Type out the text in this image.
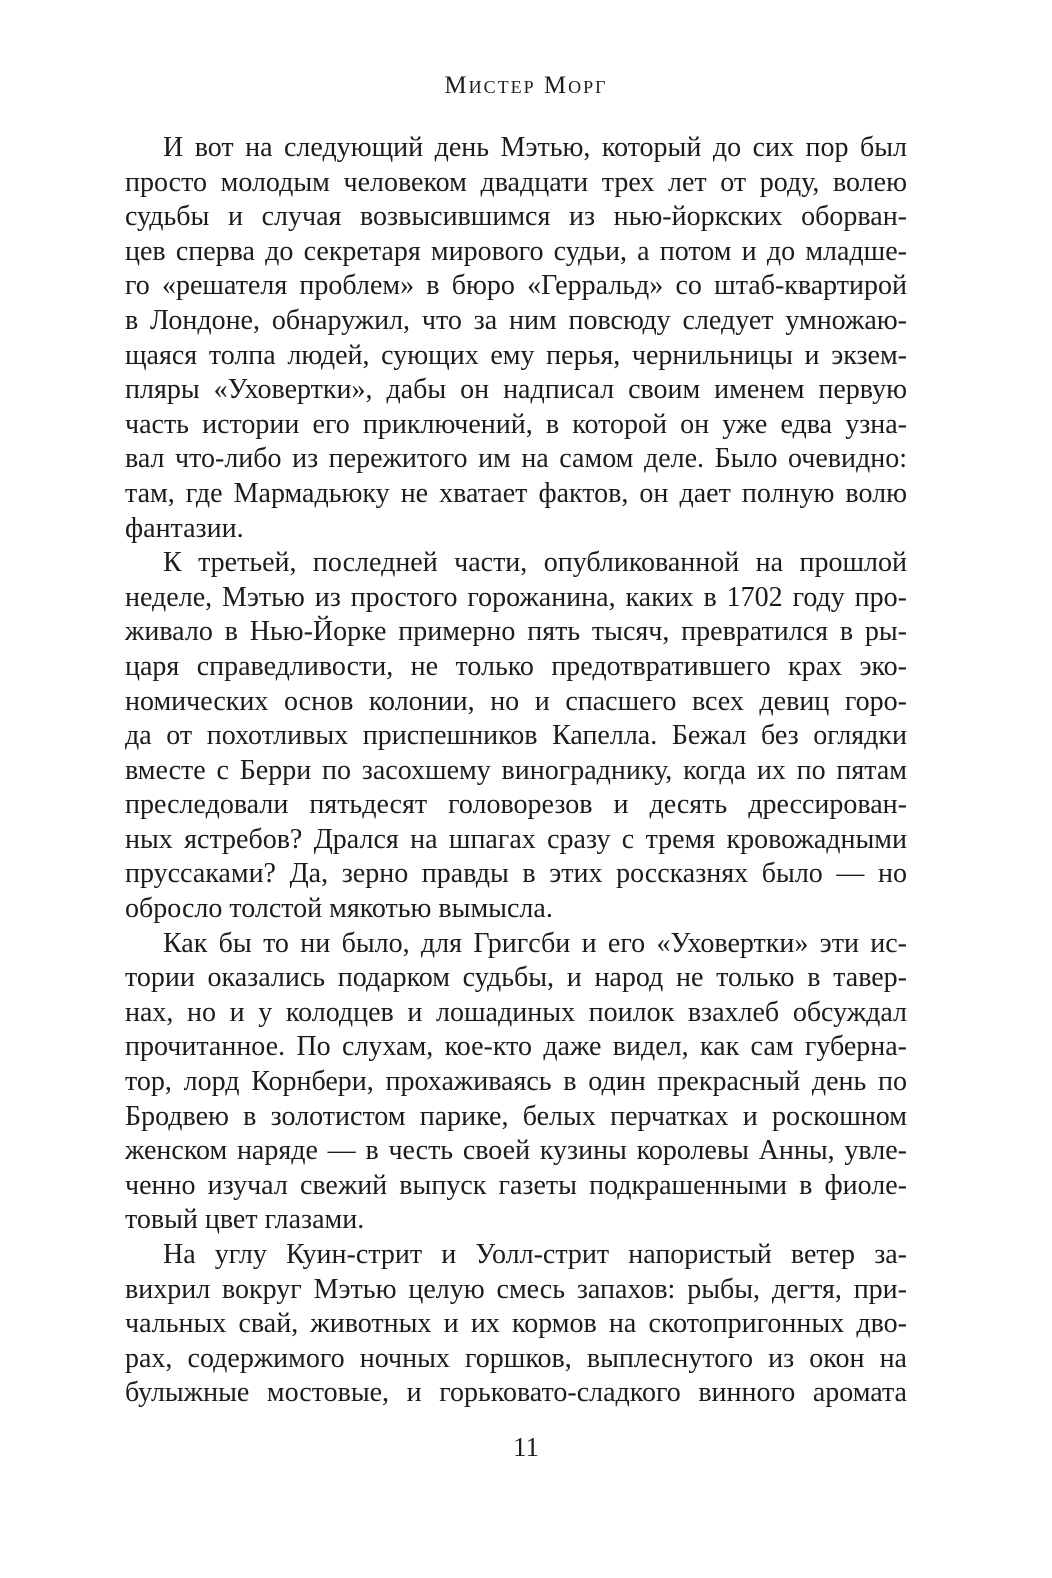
Мистер Морг
И вот на следующий день Мэтью, который до сих пор был
просто молодым человеком двадцати трех лет от роду, волею
судьбы и случая возвысившимся из нью-йоркских оборван-
цев сперва до секретаря мирового судьи, а потом и до младше-
го «решателя проблем» в бюро «Герральд» со штаб-квартирой
в Лондоне, обнаружил, что за ним повсюду следует умножаю-
щаяся толпа людей, сующих ему перья, чернильницы и экзем-
пляры «Уховертки», дабы он надписал своим именем первую
часть истории его приключений, в которой он уже едва узна-
вал что-либо из пережитого им на самом деле. Было очевидно:
там, где Мармадьюку не хватает фактов, он дает полную волю
фантазии.
К третьей, последней части, опубликованной на прошлой
неделе, Мэтью из простого горожанина, каких в 1702 году про-
живало в Нью-Йорке примерно пять тысяч, превратился в ры-
царя справедливости, не только предотвратившего крах эко-
номических основ колонии, но и спасшего всех девиц горо-
да от похотливых приспешников Капелла. Бежал без оглядки
вместе с Берри по засохшему винограднику, когда их по пятам
преследовали пятьдесят головорезов и десять дрессирован-
ных ястребов? Дрался на шпагах сразу с тремя кровожадными
пруссаками? Да, зерно правды в этих россказнях было — но
обросло толстой мякотью вымысла.
Как бы то ни было, для Григсби и его «Уховертки» эти ис-
тории оказались подарком судьбы, и народ не только в тавер-
нах, но и у колодцев и лошадиных поилок взахлеб обсуждал
прочитанное. По слухам, кое-кто даже видел, как сам губерна-
тор, лорд Корнбери, прохаживаясь в один прекрасный день по
Бродвею в золотистом парике, белых перчатках и роскошном
женском наряде — в честь своей кузины королевы Анны, увле-
ченно изучал свежий выпуск газеты подкрашенными в фиоле-
товый цвет глазами.
На углу Куин-стрит и Уолл-стрит напористый ветер за-
вихрил вокруг Мэтью целую смесь запахов: рыбы, дегтя, при-
чальных свай, животных и их кормов на скотопригонных дво-
рах, содержимого ночных горшков, выплеснутого из окон на
булыжные мостовые, и горьковато-сладкого винного аромата
11
